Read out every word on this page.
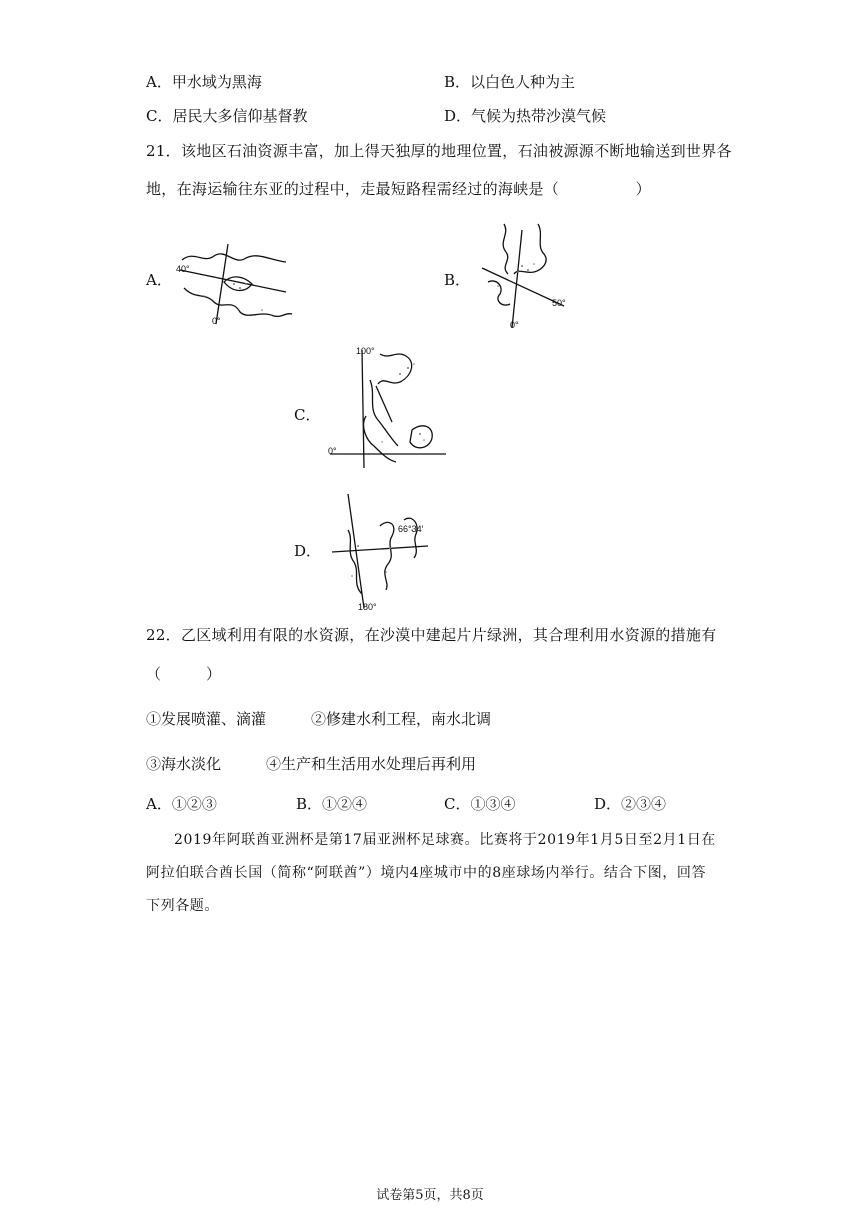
A．甲水域为黑海	B．以白色人种为主
C．居民大多信仰基督教	D．气候为热带沙漠气候
21．该地区石油资源丰富，加上得天独厚的地理位置，石油被源源不断地输送到世界各
地，在海运输往东亚的过程中，走最短路程需经过的海峡是（　　　　　）
A．
40°
0°
B．
50°
0°
C．
100°
0°
D．
66°34′
180°
22．乙区域利用有限的水资源，在沙漠中建起片片绿洲，其合理利用水资源的措施有
（　　　）
①发展喷灌、滴灌　　　②修建水利工程，南水北调
③海水淡化　　　④生产和生活用水处理后再利用
A．①②③	B．①②④	C．①③④	D．②③④
2019年阿联酋亚洲杯是第17届亚洲杯足球赛。比赛将于2019年1月5日至2月1日在阿拉伯联合酋长国（简称“阿联酋”）境内4座城市中的8座球场内举行。结合下图，回答下列各题。
试卷第5页，共8页
